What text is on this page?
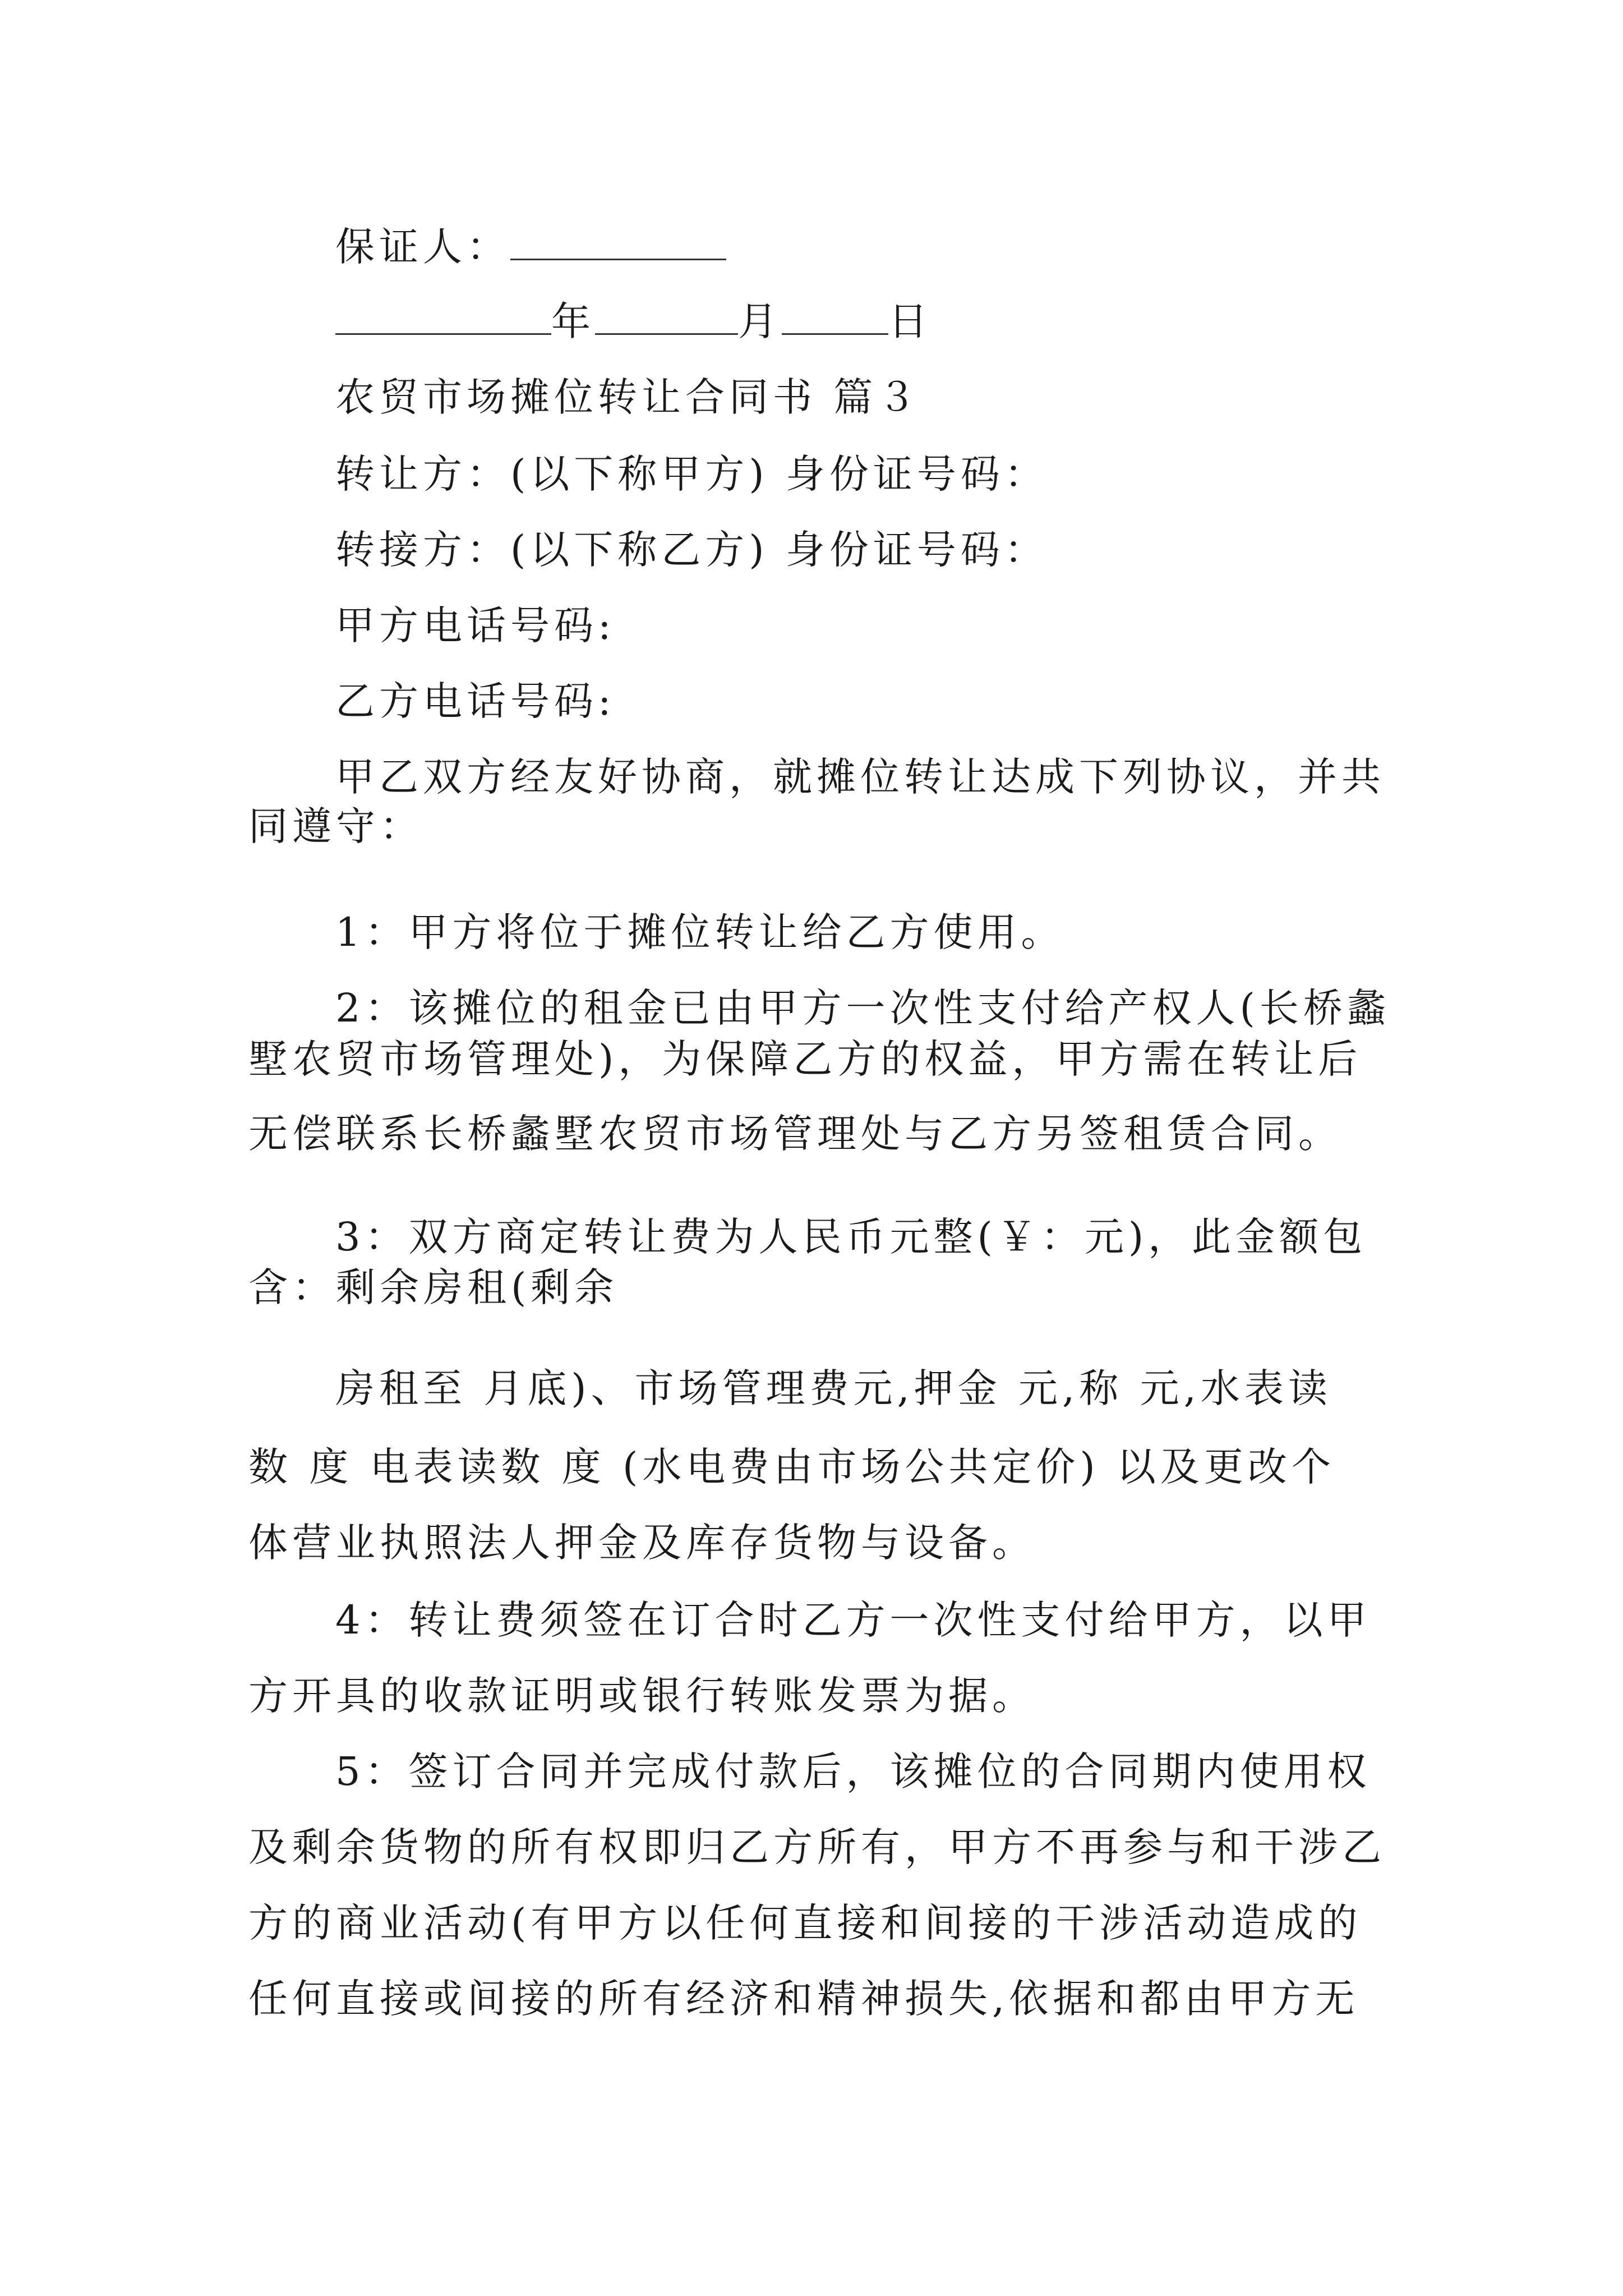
保证人：
年	月	日
农贸市场摊位转让合同书 篇３
转让方：(以下称甲方) 身份证号码：
转接方：(以下称乙方) 身份证号码：
甲方电话号码:
乙方电话号码:
甲乙双方经友好协商，就摊位转让达成下列协议，并共
同遵守：
1：甲方将位于摊位转让给乙方使用。
2：该摊位的租金已由甲方一次性支付给产权人(长桥蠡
墅农贸市场管理处)，为保障乙方的权益，甲方需在转让后
无偿联系长桥蠡墅农贸市场管理处与乙方另签租赁合同。
3：双方商定转让费为人民币元整(￥：元)，此金额包
含：剩余房租(剩余
房租至 月底)、市场管理费元,押金 元,称 元,水表读
数 度 电表读数 度 (水电费由市场公共定价) 以及更改个
体营业执照法人押金及库存货物与设备。
4：转让费须签在订合时乙方一次性支付给甲方，以甲
方开具的收款证明或银行转账发票为据。
5：签订合同并完成付款后，该摊位的合同期内使用权
及剩余货物的所有权即归乙方所有，甲方不再参与和干涉乙
方的商业活动(有甲方以任何直接和间接的干涉活动造成的
任何直接或间接的所有经济和精神损失,依据和都由甲方无
